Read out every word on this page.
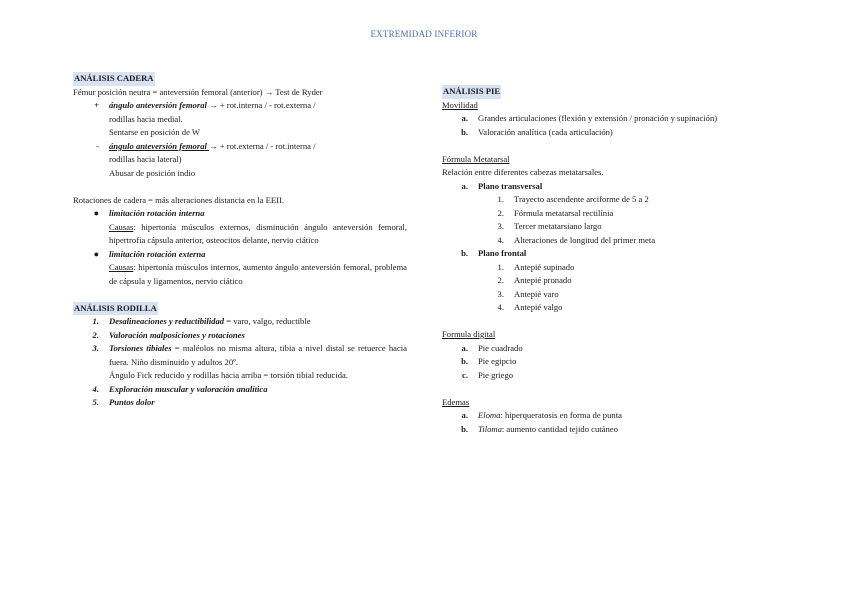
EXTREMIDAD INFERIOR
ANÁLISIS CADERA
Fémur posición neutra = anteversión femoral (anterior) → Test de Ryder
+ ángulo anteversión femoral → + rot.interna / - rot.externa /
rodillas hacia medial.
Sentarse en posición de W
- ángulo anteversión femoral → + rot.externa / - rot.interna /
rodillas hacia lateral)
Abusar de posición indio
Rotaciones de cadera = más alteraciones distancia en la EEII.
● limitación rotación interna
Causas: hipertonía músculos externos, disminución ángulo anteversión femoral, hipertrofia cápsula anterior, osteocitos delante, nervio ciático
● limitación rotación externa
Causas: hipertonía músculos internos, aumento ángulo anteversión femoral, problema de cápsula y ligamentos, nervio ciático
ANÁLISIS RODILLA
1. Desalineaciones y reductibilidad = varo, valgo, reductible
2. Valoración malposiciones y rotaciones
3. Torsiones tibiales = maléolos no misma altura, tibia a nivel distal se retuerce hacia fuera. Niño disminuido y adultos 20º.
Ángulo Fick reducido y rodillas hacia arriba = torsión tibial reducida.
4. Exploración muscular y valoración analítica
5. Puntos dolor
ANÁLISIS PIE
Movilidad
a. Grandes articulaciones (flexión y extensión / pronación y supinación)
b. Valoración analítica (cada articulación)
Fórmula Metatarsal
Relación entre diferentes cabezas metatarsales.
a. Plano transversal
1. Trayecto ascendente arciforme de 5 a 2
2. Fórmula metatarsal rectilínia
3. Tercer metatarsiano largo
4. Alteraciones de longitud del primer meta
b. Plano frontal
1. Antepié supinado
2. Antepié pronado
3. Antepié varo
4. Antepié valgo
Formula digital
a. Pie cuadrado
b. Pie egipcio
c. Pie griego
Edemas
a. Eloma: hiperqueratosis en forma de punta
b. Tiloma: aumento cantidad tejido cutáneo
